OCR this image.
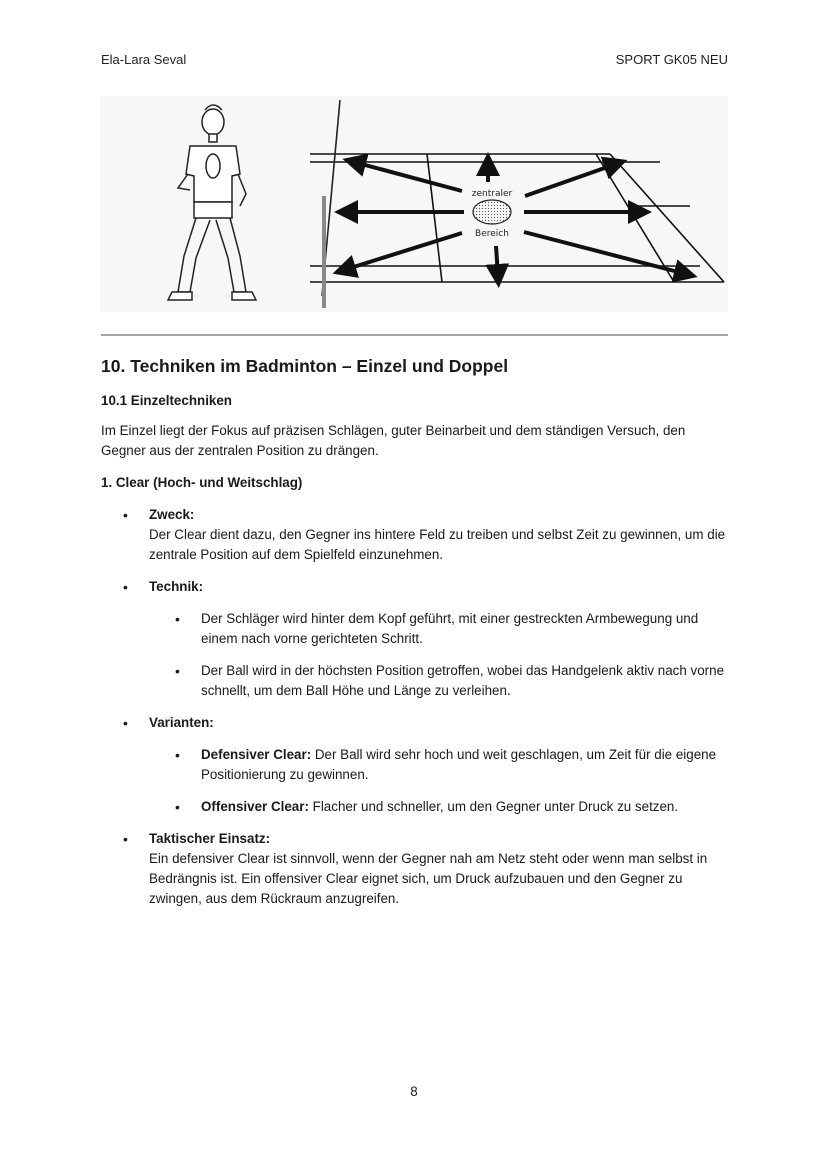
Ela-Lara Seval	SPORT GK05 NEU
zentraler
Bereich
10. Techniken im Badminton – Einzel und Doppel
10.1 Einzeltechniken

Im Einzel liegt der Fokus auf präzisen Schlägen, guter Beinarbeit und dem ständigen Versuch, den Gegner aus der zentralen Position zu drängen.

1. Clear (Hoch- und Weitschlag)
• Zweck:
Der Clear dient dazu, den Gegner ins hintere Feld zu treiben und selbst Zeit zu gewinnen, um die zentrale Position auf dem Spielfeld einzunehmen.
• Technik:
• Der Schläger wird hinter dem Kopf geführt, mit einer gestreckten Armbewegung und einem nach vorne gerichteten Schritt.
• Der Ball wird in der höchsten Position getroffen, wobei das Handgelenk aktiv nach vorne schnellt, um dem Ball Höhe und Länge zu verleihen.
• Varianten:
• Defensiver Clear: Der Ball wird sehr hoch und weit geschlagen, um Zeit für die eigene Positionierung zu gewinnen.
• Offensiver Clear: Flacher und schneller, um den Gegner unter Druck zu setzen.
• Taktischer Einsatz:
Ein defensiver Clear ist sinnvoll, wenn der Gegner nah am Netz steht oder wenn man selbst in Bedrängnis ist. Ein offensiver Clear eignet sich, um Druck aufzubauen und den Gegner zu zwingen, aus dem Rückraum anzugreifen.
8
